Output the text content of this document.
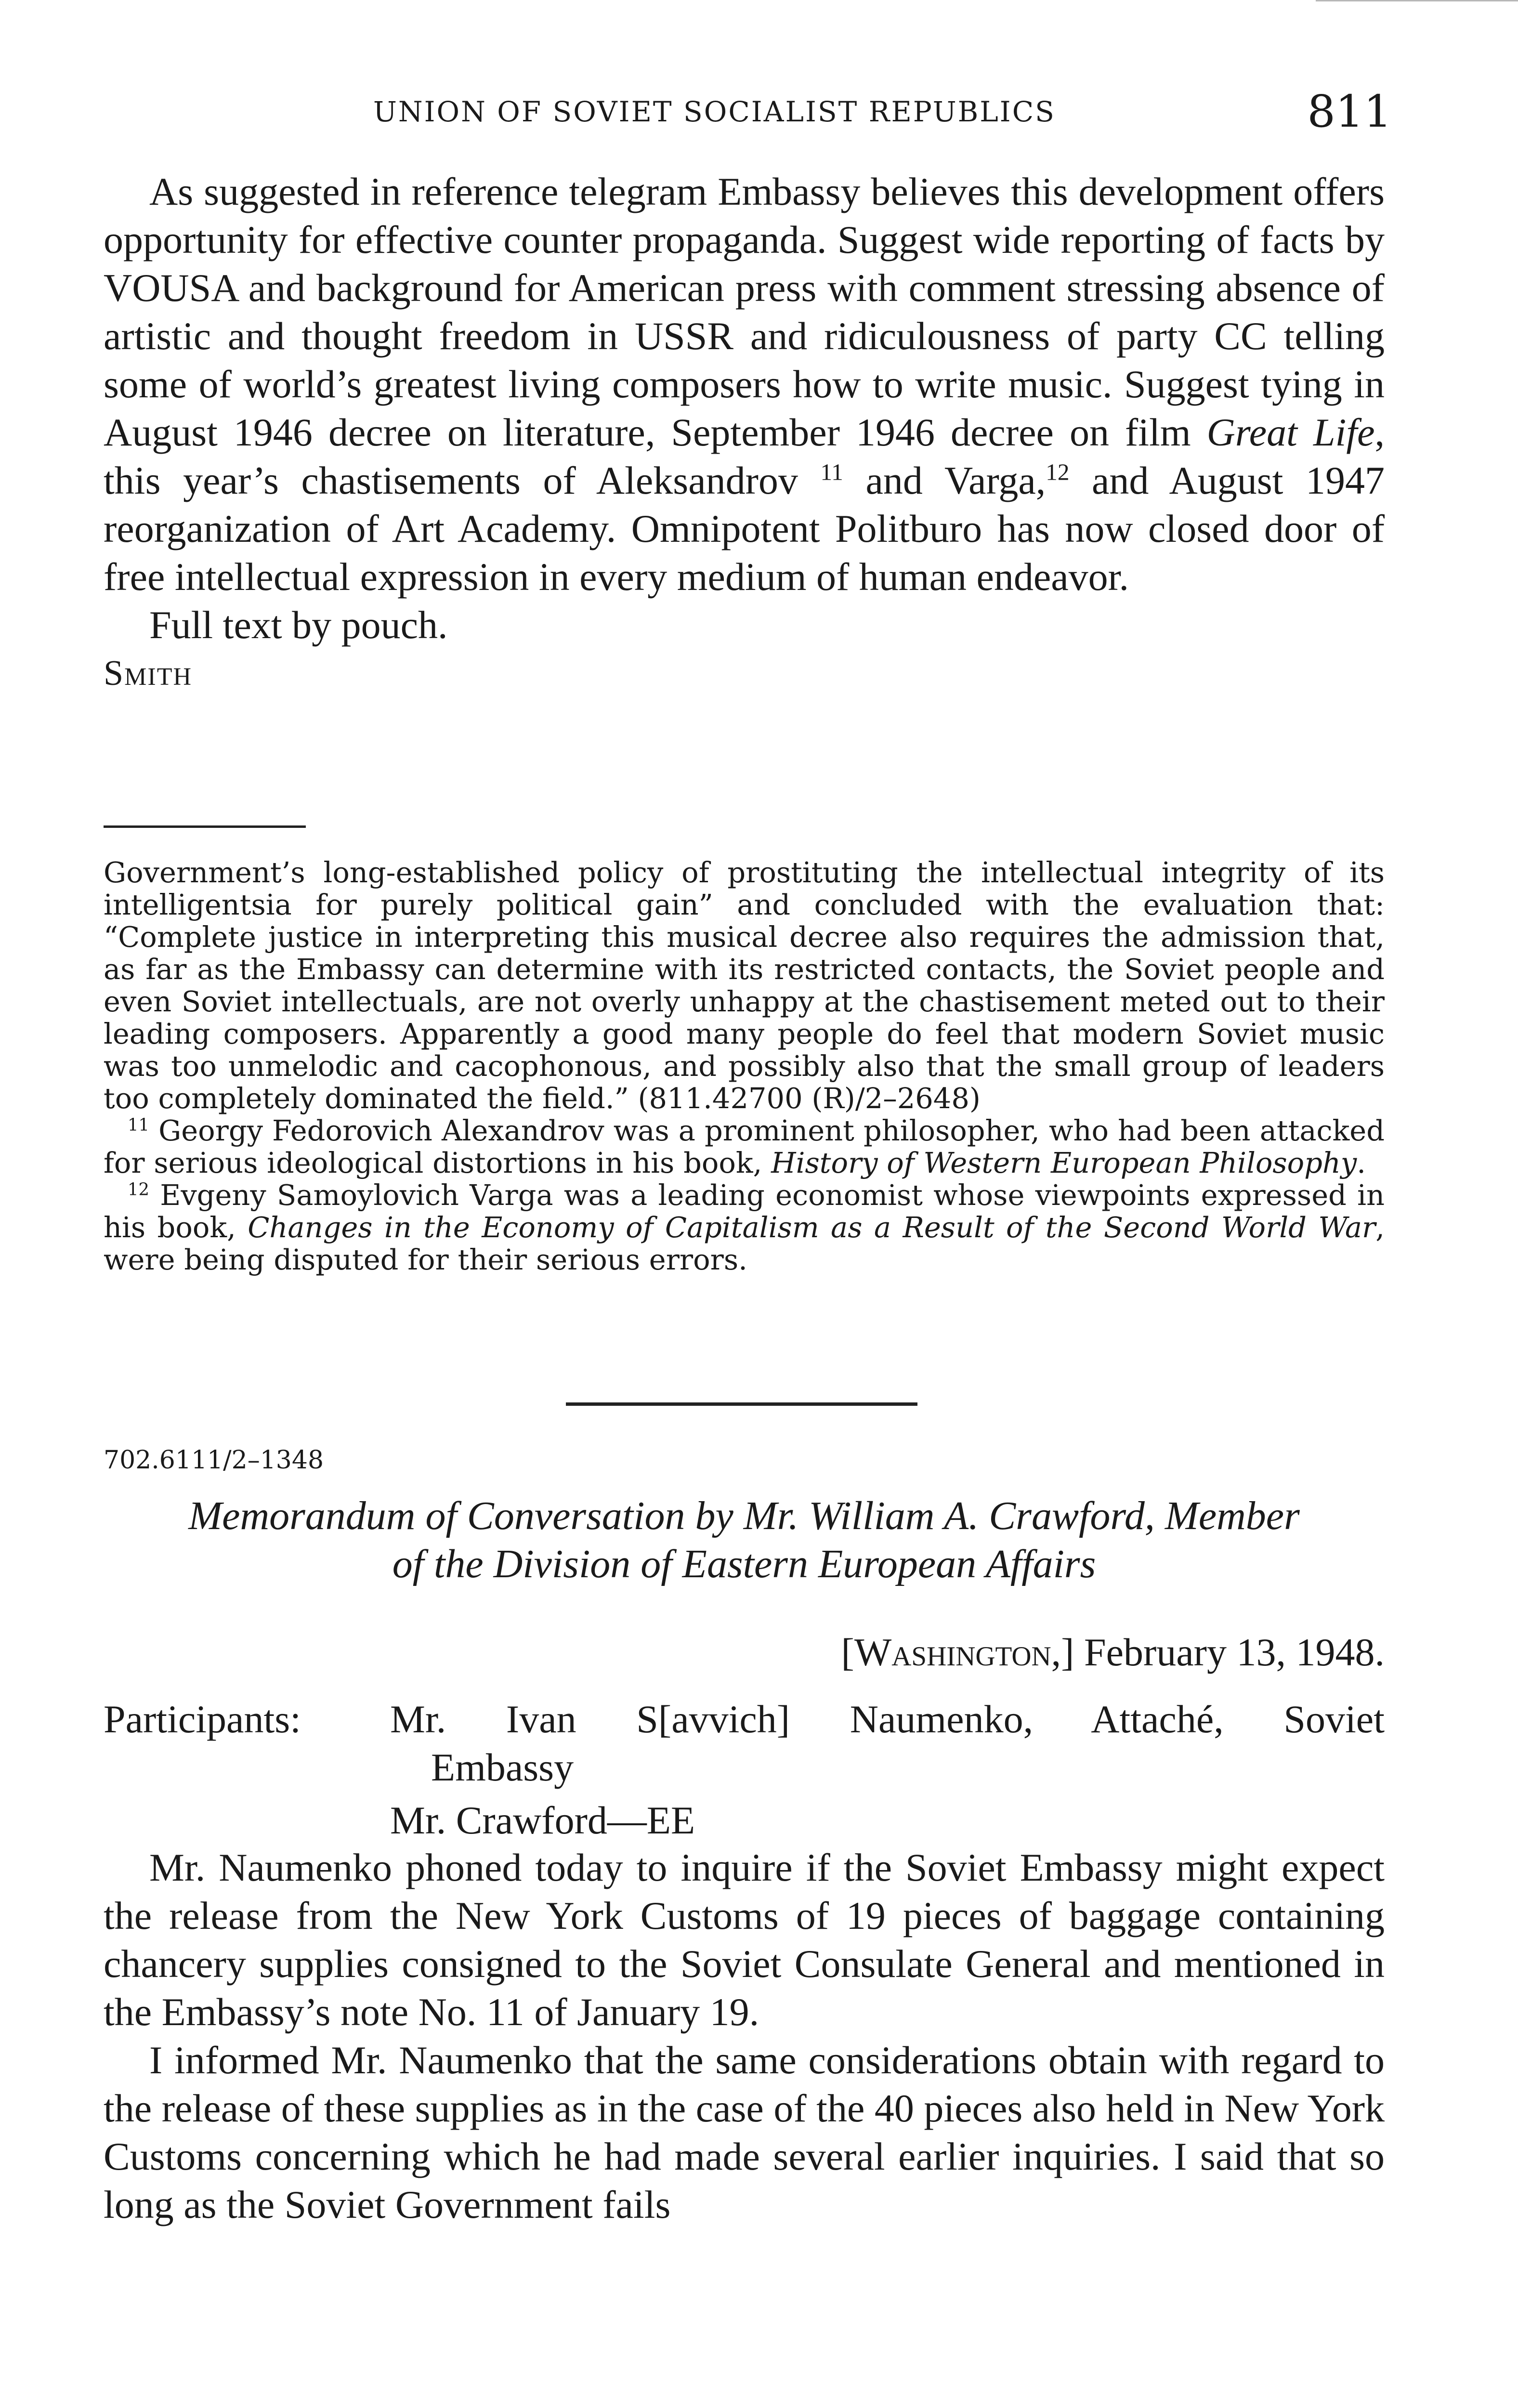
UNION OF SOVIET SOCIALIST REPUBLICS	811

As suggested in reference telegram Embassy believes this development offers opportunity for effective counter propaganda. Suggest wide reporting of facts by VOUSA and background for American press with comment stressing absence of artistic and thought freedom in USSR and ridiculousness of party CC telling some of world’s greatest living composers how to write music. Suggest tying in August 1946 decree on literature, September 1946 decree on film Great Life, this year’s chastisements of Aleksandrov $^{11}$ and Varga,$^{12}$ and August 1947 reorganization of Art Academy. Omnipotent Politburo has now closed door of free intellectual expression in every medium of human endeavor.

Full text by pouch.

Smith

Government’s long-established policy of prostituting the intellectual integrity of its intelligentsia for purely political gain” and concluded with the evaluation that: “Complete justice in interpreting this musical decree also requires the admission that, as far as the Embassy can determine with its restricted contacts, the Soviet people and even Soviet intellectuals, are not overly unhappy at the chastisement meted out to their leading composers. Apparently a good many people do feel that modern Soviet music was too unmelodic and cacophonous, and possibly also that the small group of leaders too completely dominated the field.” (811.42700 (R)/2–2648)

$^{11}$ Georgy Fedorovich Alexandrov was a prominent philosopher, who had been attacked for serious ideological distortions in his book, History of Western European Philosophy.

$^{12}$ Evgeny Samoylovich Varga was a leading economist whose viewpoints expressed in his book, Changes in the Economy of Capitalism as a Result of the Second World War, were being disputed for their serious errors.

702.6111/2–1348
Memorandum of Conversation by Mr. William A. Crawford, Member
of the Division of Eastern European Affairs
[Washington,] February 13, 1948.
Participants: Mr. Ivan S[avvich] Naumenko, Attaché, Soviet
Embassy
Mr. Crawford—EE

Mr. Naumenko phoned today to inquire if the Soviet Embassy might expect the release from the New York Customs of 19 pieces of baggage containing chancery supplies consigned to the Soviet Consulate General and mentioned in the Embassy’s note No. 11 of January 19.

I informed Mr. Naumenko that the same considerations obtain with regard to the release of these supplies as in the case of the 40 pieces also held in New York Customs concerning which he had made several earlier inquiries. I said that so long as the Soviet Government fails
